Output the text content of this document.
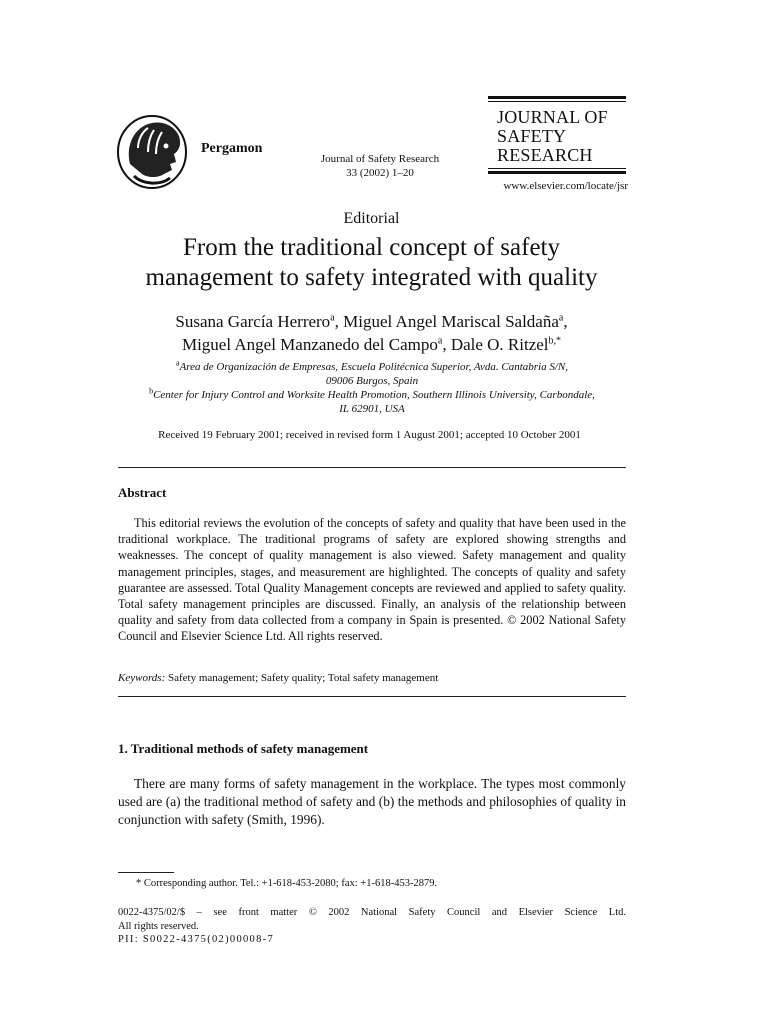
Pergamon
Journal of Safety Research
33 (2002) 1–20
JOURNAL OF
SAFETY
RESEARCH
www.elsevier.com/locate/jsr
Editorial
From the traditional concept of safety
management to safety integrated with quality
Susana García Herrero$^a$, Miguel Angel Mariscal Saldaña$^a$,
Miguel Angel Manzanedo del Campo$^a$, Dale O. Ritzel$^{b,*}$
$^a$Area de Organización de Empresas, Escuela Politécnica Superior, Avda. Cantabria S/N,
09006 Burgos, Spain
$^b$Center for Injury Control and Worksite Health Promotion, Southern Illinois University, Carbondale,
IL 62901, USA
Received 19 February 2001; received in revised form 1 August 2001; accepted 10 October 2001
Abstract

This editorial reviews the evolution of the concepts of safety and quality that have been used in the traditional workplace. The traditional programs of safety are explored showing strengths and weaknesses. The concept of quality management is also viewed. Safety management and quality management principles, stages, and measurement are highlighted. The concepts of quality and safety guarantee are assessed. Total Quality Management concepts are reviewed and applied to safety quality. Total safety management principles are discussed. Finally, an analysis of the relationship between quality and safety from data collected from a company in Spain is presented. © 2002 National Safety Council and Elsevier Science Ltd. All rights reserved.

Keywords: Safety management; Safety quality; Total safety management
1. Traditional methods of safety management

There are many forms of safety management in the workplace. The types most commonly used are (a) the traditional method of safety and (b) the methods and philosophies of quality in conjunction with safety (Smith, 1996).

* Corresponding author. Tel.: +1-618-453-2080; fax: +1-618-453-2879.
0022-4375/02/$ – see front matter © 2002 National Safety Council and Elsevier Science Ltd.
All rights reserved.
PII: S0022-4375(02)00008-7
